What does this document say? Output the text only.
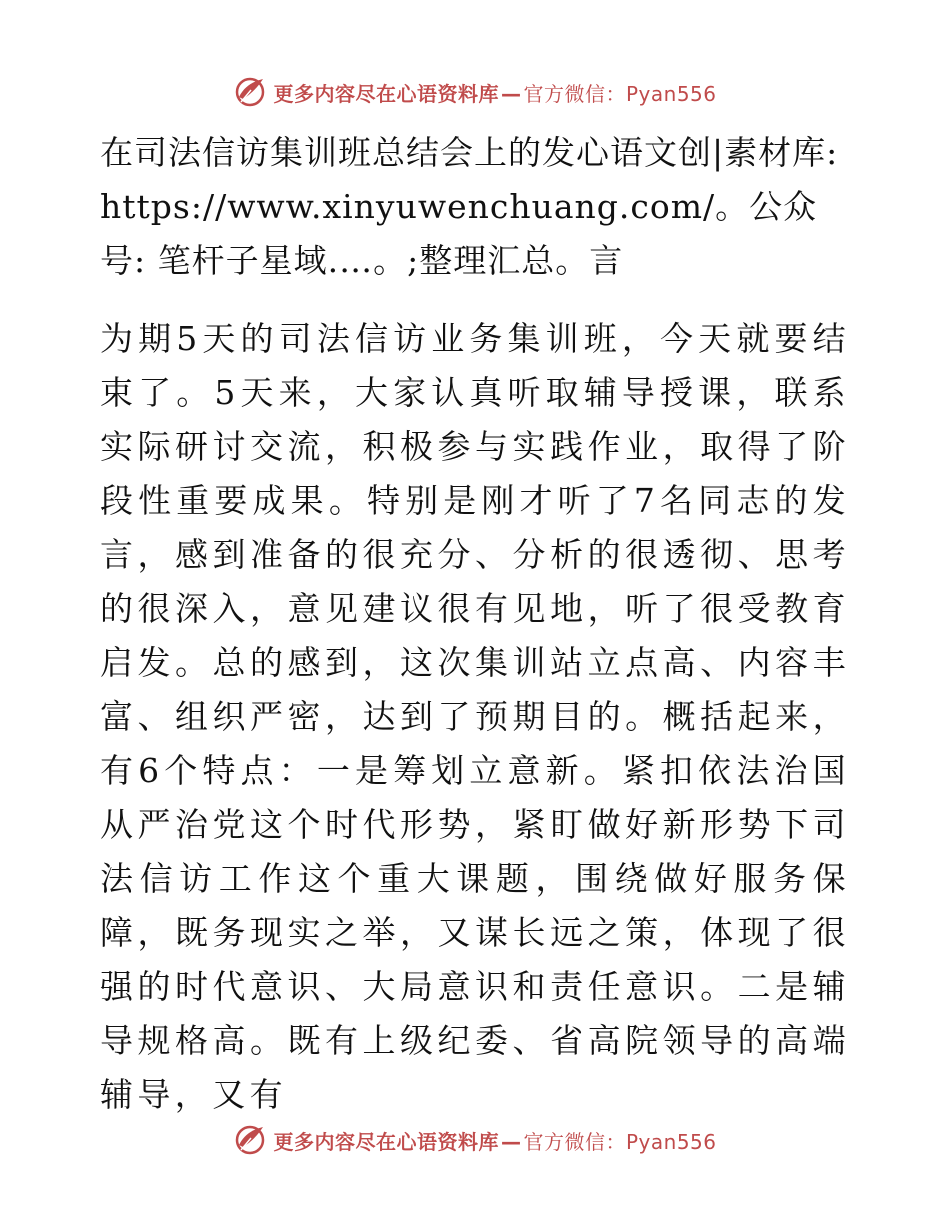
更多内容尽在心语资料库 — 官方微信： Pyan556

在司法信访集训班总结会上的发心语文创|素材库: https://www.xinyuwenchuang.com/。公众号: 笔杆子星域.…。;整理汇总。言

为期5天的司法信访业务集训班，今天就要结束了。5天来，大家认真听取辅导授课，联系实际研讨交流，积极参与实践作业，取得了阶段性重要成果。特别是刚才听了7名同志的发言，感到准备的很充分、分析的很透彻、思考的很深入，意见建议很有见地，听了很受教育启发。总的感到，这次集训站立点高、内容丰富、组织严密，达到了预期目的。概括起来，有6个特点：一是筹划立意新。紧扣依法治国从严治党这个时代形势，紧盯做好新形势下司法信访工作这个重大课题，围绕做好服务保障，既务现实之举，又谋长远之策，体现了很强的时代意识、大局意识和责任意识。二是辅导规格高。既有上级纪委、省高院领导的高端辅导，又有

更多内容尽在心语资料库 — 官方微信： Pyan556
